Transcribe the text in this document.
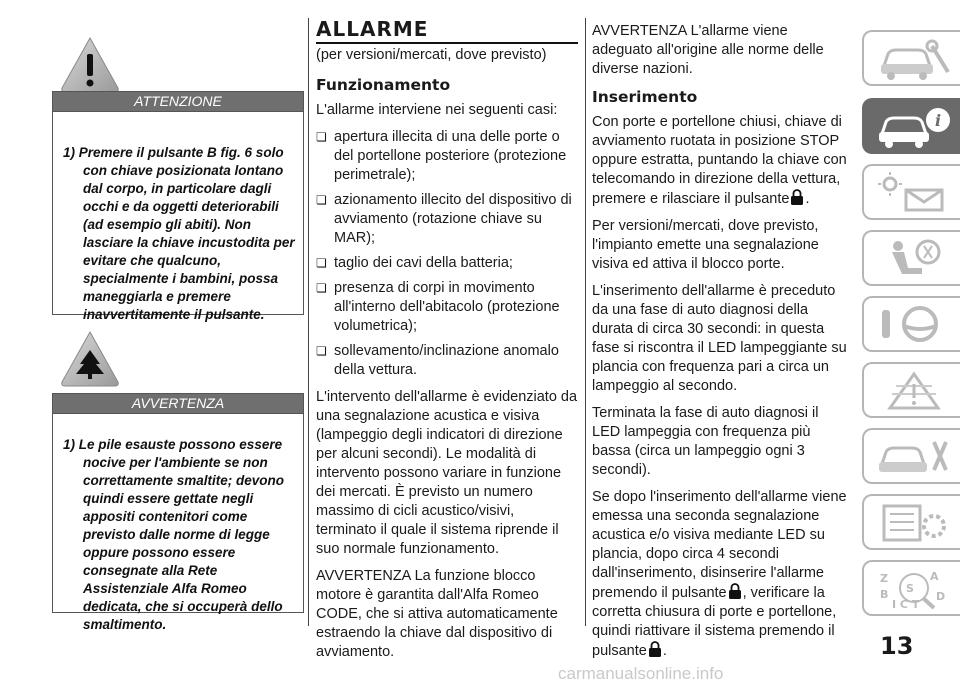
ATTENZIONE
1) Premere il pulsante B fig. 6 solo con chiave posizionata lontano dal corpo, in particolare dagli occhi e da oggetti deteriorabili (ad esempio gli abiti). Non lasciare la chiave incustodita per evitare che qualcuno, specialmente i bambini, possa maneggiarla e premere inavvertitamente il pulsante.
AVVERTENZA
1) Le pile esauste possono essere nocive per l'ambiente se non correttamente smaltite; devono quindi essere gettate negli appositi contenitori come previsto dalle norme di legge oppure possono essere consegnate alla Rete Assistenziale Alfa Romeo dedicata, che si occuperà dello smaltimento.
ALLARME
(per versioni/mercati, dove previsto)
Funzionamento

L'allarme interviene nei seguenti casi:

❏ apertura illecita di una delle porte o del portellone posteriore (protezione perimetrale);
❏ azionamento illecito del dispositivo di avviamento (rotazione chiave su MAR);
❏ taglio dei cavi della batteria;
❏ presenza di corpi in movimento all'interno dell'abitacolo (protezione volumetrica);
❏ sollevamento/inclinazione anomalo della vettura.

L'intervento dell'allarme è evidenziato da una segnalazione acustica e visiva (lampeggio degli indicatori di direzione per alcuni secondi). Le modalità di intervento possono variare in funzione dei mercati. È previsto un numero massimo di cicli acustico/visivi, terminato il quale il sistema riprende il suo normale funzionamento.

AVVERTENZA La funzione blocco motore è garantita dall'Alfa Romeo CODE, che si attiva automaticamente estraendo la chiave dal dispositivo di avviamento.

AVVERTENZA L'allarme viene adeguato all'origine alle norme delle diverse nazioni.

Inserimento

Con porte e portellone chiusi, chiave di avviamento ruotata in posizione STOP oppure estratta, puntando la chiave con telecomando in direzione della vettura, premere e rilasciare il pulsante .

Per versioni/mercati, dove previsto, l'impianto emette una segnalazione visiva ed attiva il blocco porte.

L'inserimento dell'allarme è preceduto da una fase di auto diagnosi della durata di circa 30 secondi: in questa fase si riscontra il LED lampeggiante su plancia con frequenza pari a circa un lampeggio al secondo.

Terminata la fase di auto diagnosi il LED lampeggia con frequenza più bassa (circa un lampeggio ogni 3 secondi).

Se dopo l'inserimento dell'allarme viene emessa una seconda segnalazione acustica e/o visiva mediante LED su plancia, dopo circa 4 secondi dall'inserimento, disinserire l'allarme premendo il pulsante , verificare la corretta chiusura di porte e portellone, quindi riattivare il sistema premendo il pulsante .

i
Z	A
S
B	D
I C T
13
carmanualsonline.info
